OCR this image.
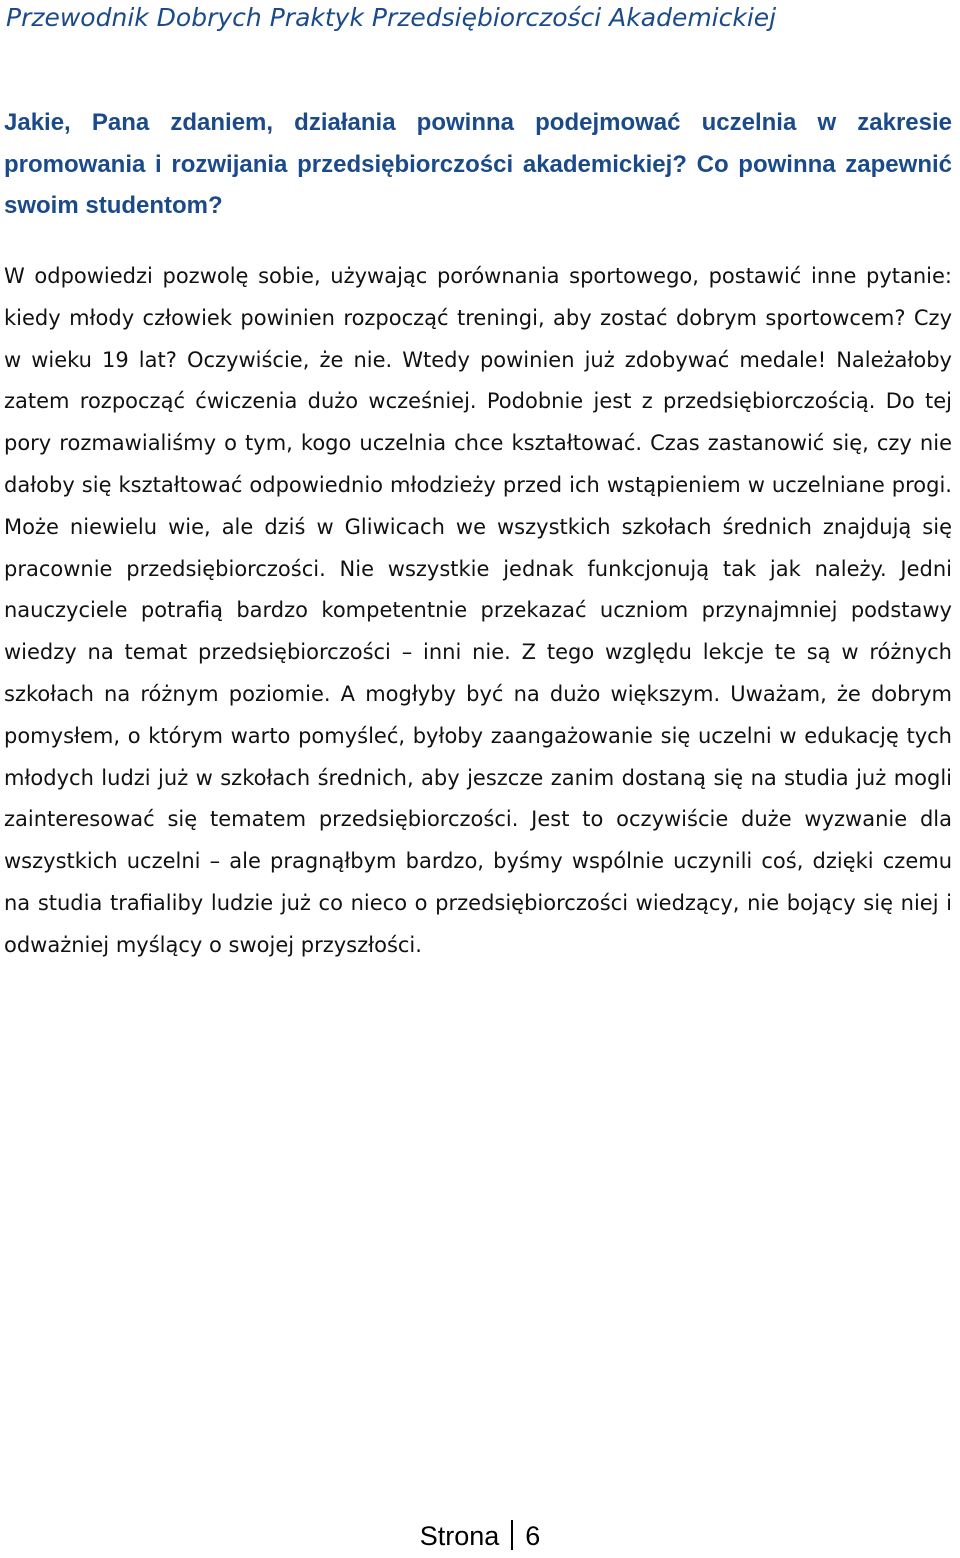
Przewodnik Dobrych Praktyk Przedsiębiorczości Akademickiej
Jakie, Pana zdaniem, działania powinna podejmować uczelnia w zakresie promowania i rozwijania przedsiębiorczości akademickiej? Co powinna zapewnić swoim studentom?
W odpowiedzi pozwolę sobie, używając porównania sportowego, postawić inne pytanie: kiedy młody człowiek powinien rozpocząć treningi, aby zostać dobrym sportowcem? Czy w wieku 19 lat? Oczywiście, że nie. Wtedy powinien już zdobywać medale! Należałoby zatem rozpocząć ćwiczenia dużo wcześniej. Podobnie jest z przedsiębiorczością. Do tej pory rozmawialiśmy o tym, kogo uczelnia chce kształtować. Czas zastanowić się, czy nie dałoby się kształtować odpowiednio młodzieży przed ich wstąpieniem w uczelniane progi. Może niewielu wie, ale dziś w Gliwicach we wszystkich szkołach średnich znajdują się pracownie przedsiębiorczości. Nie wszystkie jednak funkcjonują tak jak należy. Jedni nauczyciele potrafią bardzo kompetentnie przekazać uczniom przynajmniej podstawy wiedzy na temat przedsiębiorczości – inni nie. Z tego względu lekcje te są w różnych szkołach na różnym poziomie. A mogłyby być na dużo większym. Uważam, że dobrym pomysłem, o którym warto pomyśleć, byłoby zaangażowanie się uczelni w edukację tych młodych ludzi już w szkołach średnich, aby jeszcze zanim dostaną się na studia już mogli zainteresować się tematem przedsiębiorczości. Jest to oczywiście duże wyzwanie dla wszystkich uczelni – ale pragnąłbym bardzo, byśmy wspólnie uczynili coś, dzięki czemu na studia trafialiby ludzie już co nieco o przedsiębiorczości wiedzący, nie bojący się niej i odważniej myślący o swojej przyszłości.
Strona 6
